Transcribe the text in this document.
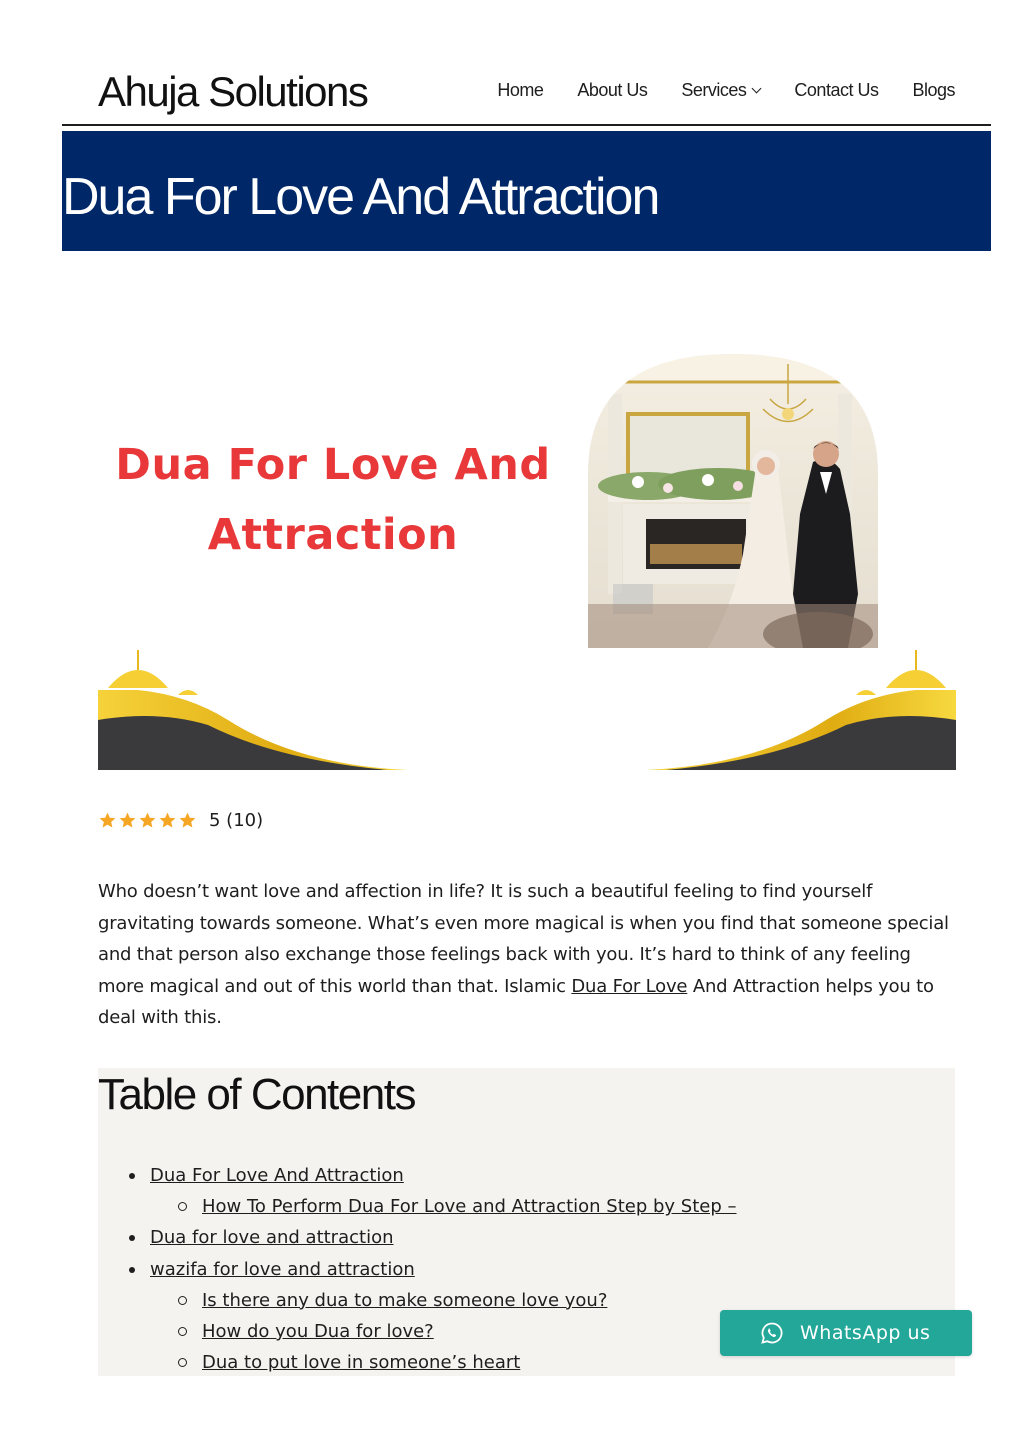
Ahuja Solutions	Home About Us Services	Contact Us Blogs
Dua For Love And Attraction
Dua For Love And
Attraction
5 (10)

Who doesn’t want love and affection in life? It is such a beautiful feeling to find yourself gravitating towards someone. What’s even more magical is when you find that someone special and that person also exchange those feelings back with you. It’s hard to think of any feeling more magical and out of this world than that. Islamic Dua For Love And Attraction helps you to deal with this.

Table of Contents
Dua For Love And Attraction
How To Perform Dua For Love and Attraction Step by Step –
Dua for love and attraction
wazifa for love and attraction
Is there any dua to make someone love you?
How do you Dua for love?
Dua to put love in someone’s heart
WhatsApp us
